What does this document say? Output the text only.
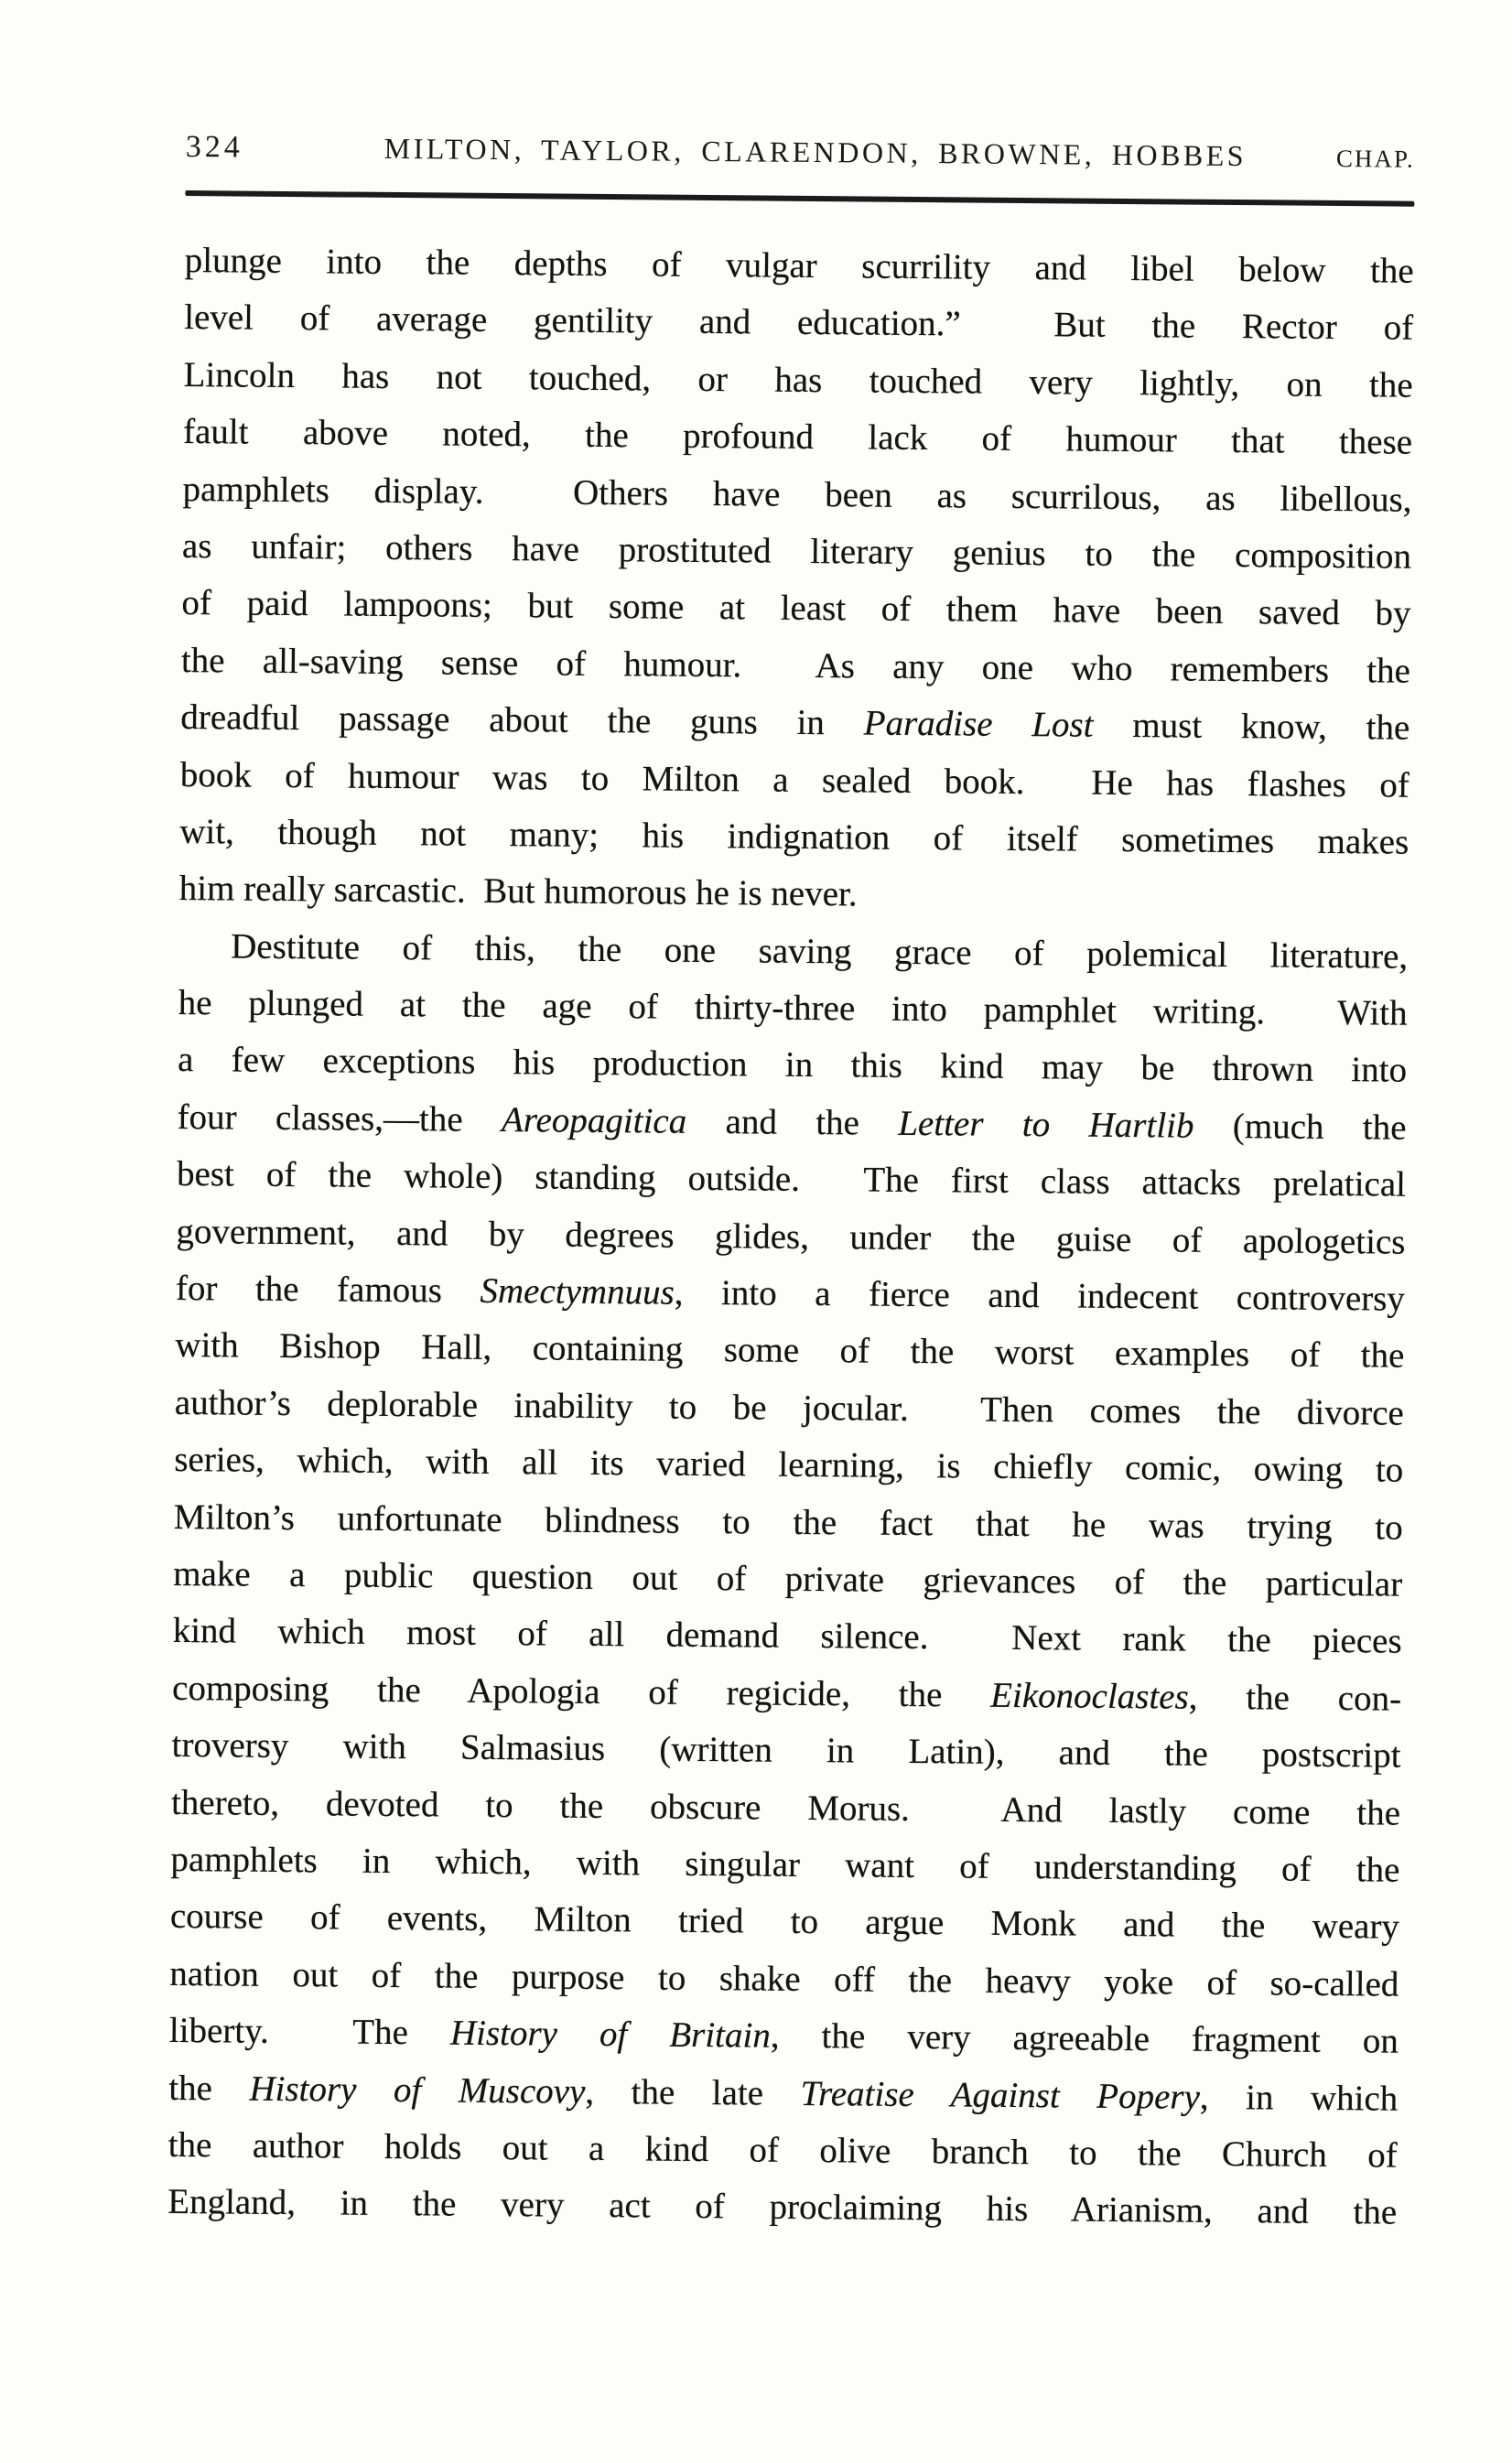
324	MILTON, TAYLOR, CLARENDON, BROWNE, HOBBES	CHAP.
plunge into the depths of vulgar scurrility and libel below the
level of average gentility and education.”  But the Rector of
Lincoln has not touched, or has touched very lightly, on the
fault above noted, the profound lack of humour that these
pamphlets display.  Others have been as scurrilous, as libellous,
as unfair; others have prostituted literary genius to the composition
of paid lampoons; but some at least of them have been saved by
the all-saving sense of humour.  As any one who remembers the
dreadful passage about the guns in Paradise Lost must know, the
book of humour was to Milton a sealed book.  He has flashes of
wit, though not many; his indignation of itself sometimes makes
him really sarcastic.  But humorous he is never.
Destitute of this, the one saving grace of polemical literature,
he plunged at the age of thirty-three into pamphlet writing.  With
a few exceptions his production in this kind may be thrown into
four classes,—the Areopagitica and the Letter to Hartlib (much the
best of the whole) standing outside.  The first class attacks prelatical
government, and by degrees glides, under the guise of apologetics
for the famous Smectymnuus, into a fierce and indecent controversy
with Bishop Hall, containing some of the worst examples of the
author’s deplorable inability to be jocular.  Then comes the divorce
series, which, with all its varied learning, is chiefly comic, owing to
Milton’s unfortunate blindness to the fact that he was trying to
make a public question out of private grievances of the particular
kind which most of all demand silence.  Next rank the pieces
composing the Apologia of regicide, the Eikonoclastes, the con-
troversy with Salmasius (written in Latin), and the postscript
thereto, devoted to the obscure Morus.  And lastly come the
pamphlets in which, with singular want of understanding of the
course of events, Milton tried to argue Monk and the weary
nation out of the purpose to shake off the heavy yoke of so-called
liberty.  The History of Britain, the very agreeable fragment on
the History of Muscovy, the late Treatise Against Popery, in which
the author holds out a kind of olive branch to the Church of
England, in the very act of proclaiming his Arianism, and the
